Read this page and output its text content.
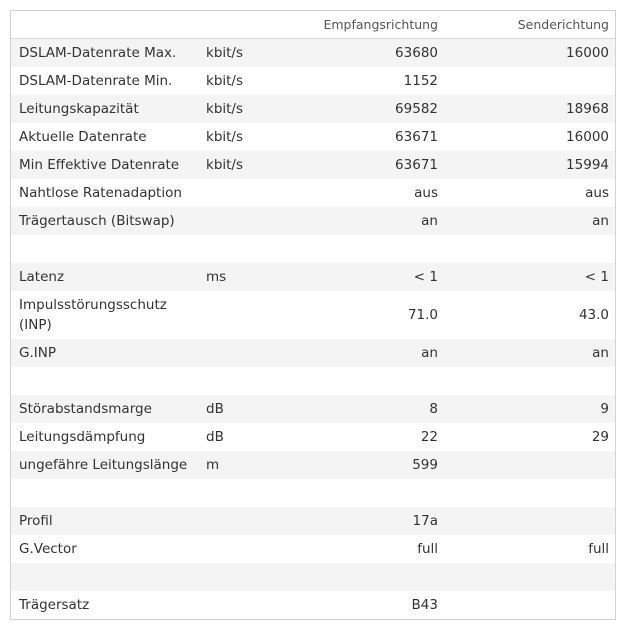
		Empfangsrichtung	Senderichtung
DSLAM-Datenrate Max.	kbit/s	63680	16000
DSLAM-Datenrate Min.	kbit/s	1152	
Leitungskapazität	kbit/s	69582	18968
Aktuelle Datenrate	kbit/s	63671	16000
Min Effektive Datenrate	kbit/s	63671	15994
Nahtlose Ratenadaption		aus	aus
Trägertausch (Bitswap)		an	an

Latenz	ms	< 1	< 1
Impulsstörungsschutz (INP)		71.0	43.0
G.INP		an	an

Störabstandsmarge	dB	8	9
Leitungsdämpfung	dB	22	29
ungefähre Leitungslänge	m	599	

Profil		17a	
G.Vector		full	full

Trägersatz		B43	
